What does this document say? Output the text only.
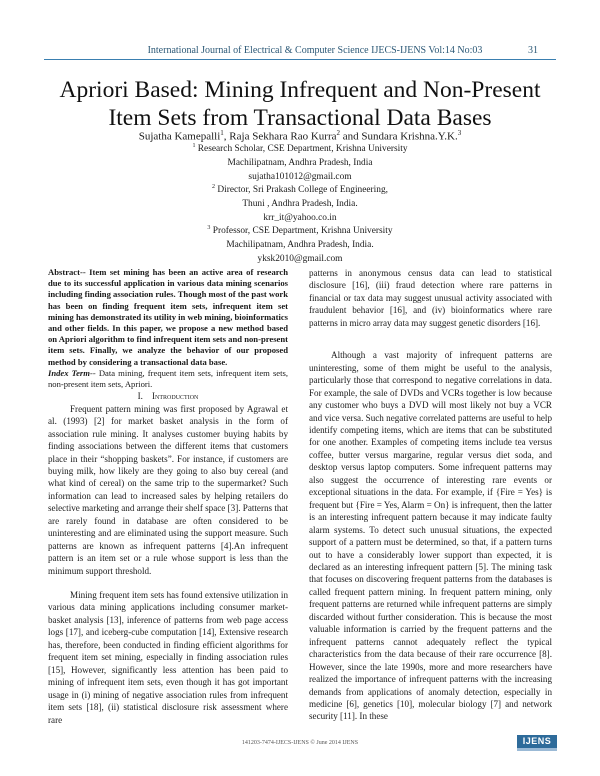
International Journal of Electrical & Computer Science IJECS-IJENS Vol:14 No:03	31
Apriori Based: Mining Infrequent and Non-Present
Item Sets from Transactional Data Bases
Sujatha Kamepalli$^1$, Raja Sekhara Rao Kurra$^2$ and Sundara Krishna.Y.K.$^3$
$^1$ Research Scholar, CSE Department, Krishna University
Machilipatnam, Andhra Pradesh, India
sujatha101012@gmail.com
$^2$ Director, Sri Prakash College of Engineering,
Thuni , Andhra Pradesh, India.
krr_it@yahoo.co.in
$^3$ Professor, CSE Department, Krishna University
Machilipatnam, Andhra Pradesh, India.
yksk2010@gmail.com

Abstract-- Item set mining has been an active area of research due to its successful application in various data mining scenarios including finding association rules. Though most of the past work has been on finding frequent item sets, infrequent item set mining has demonstrated its utility in web mining, bioinformatics and other fields. In this paper, we propose a new method based on Apriori algorithm to find infrequent item sets and non-present item sets. Finally, we analyze the behavior of our proposed method by considering a transactional data base.

Index Term-- Data mining, frequent item sets, infrequent item sets, non-present item sets, Apriori.

I. Introduction

Frequent pattern mining was first proposed by Agrawal et al. (1993) [2] for market basket analysis in the form of association rule mining. It analyses customer buying habits by finding associations between the different items that customers place in their “shopping baskets”. For instance, if customers are buying milk, how likely are they going to also buy cereal (and what kind of cereal) on the same trip to the supermarket? Such information can lead to increased sales by helping retailers do selective marketing and arrange their shelf space [3]. Patterns that are rarely found in database are often considered to be uninteresting and are eliminated using the support measure. Such patterns are known as infrequent patterns [4].An infrequent pattern is an item set or a rule whose support is less than the minimum support threshold.

Mining frequent item sets has found extensive utilization in various data mining applications including consumer market-basket analysis [13], inference of patterns from web page access logs [17], and iceberg-cube computation [14], Extensive research has, therefore, been conducted in finding efficient algorithms for frequent item set mining, especially in finding association rules [15], However, significantly less attention has been paid to mining of infrequent item sets, even though it has got important usage in (i) mining of negative association rules from infrequent item sets [18], (ii) statistical disclosure risk assessment where rare

patterns in anonymous census data can lead to statistical disclosure [16], (iii) fraud detection where rare patterns in financial or tax data may suggest unusual activity associated with fraudulent behavior [16], and (iv) bioinformatics where rare patterns in micro array data may suggest genetic disorders [16].

Although a vast majority of infrequent patterns are uninteresting, some of them might be useful to the analysis, particularly those that correspond to negative correlations in data. For example, the sale of DVDs and VCRs together is low because any customer who buys a DVD will most likely not buy a VCR and vice versa. Such negative correlated patterns are useful to help identify competing items, which are items that can be substituted for one another. Examples of competing items include tea versus coffee, butter versus margarine, regular versus diet soda, and desktop versus laptop computers. Some infrequent patterns may also suggest the occurrence of interesting rare events or exceptional situations in the data. For example, if {Fire = Yes} is frequent but {Fire = Yes, Alarm = On} is infrequent, then the latter is an interesting infrequent pattern because it may indicate faulty alarm systems. To detect such unusual situations, the expected support of a pattern must be determined, so that, if a pattern turns out to have a considerably lower support than expected, it is declared as an interesting infrequent pattern [5]. The mining task that focuses on discovering frequent patterns from the databases is called frequent pattern mining. In frequent pattern mining, only frequent patterns are returned while infrequent patterns are simply discarded without further consideration. This is because the most valuable information is carried by the frequent patterns and the infrequent patterns cannot adequately reflect the typical characteristics from the data because of their rare occurrence [8]. However, since the late 1990s, more and more researchers have realized the importance of infrequent patterns with the increasing demands from applications of anomaly detection, especially in medicine [6], genetics [10], molecular biology [7] and network security [11]. In these

141203-7474-IJECS-IJENS © June 2014 IJENS	IJENS
